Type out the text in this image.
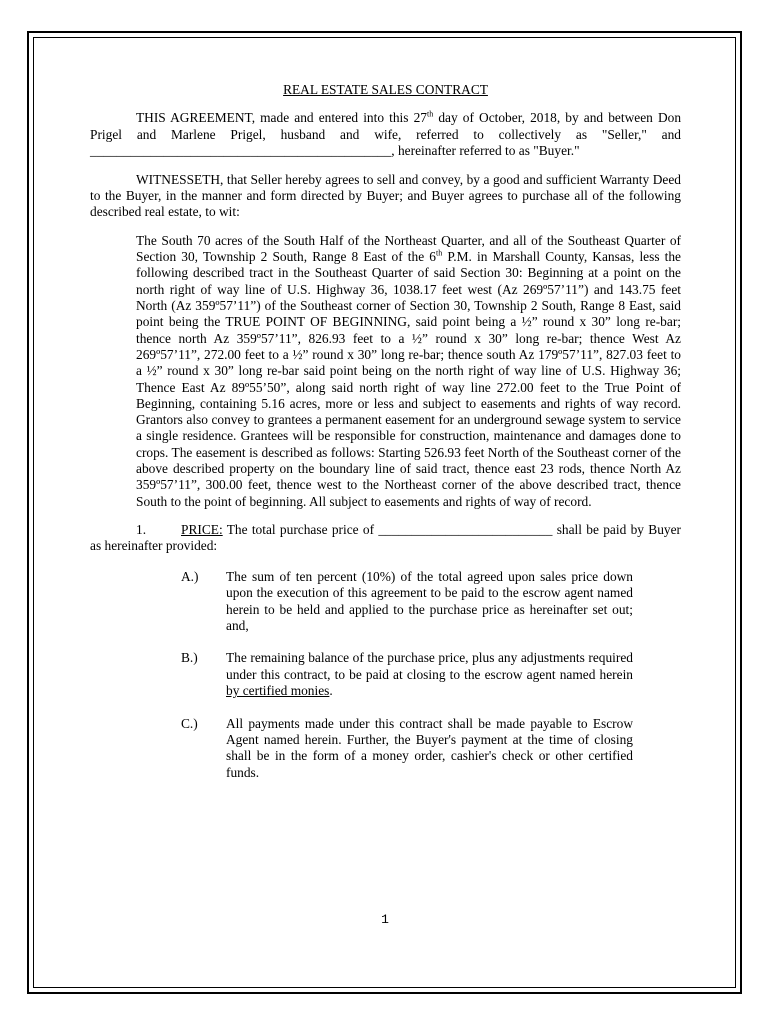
REAL ESTATE SALES CONTRACT

THIS AGREEMENT, made and entered into this 27th day of October, 2018, by and between Don Prigel and Marlene Prigel, husband and wife, referred to collectively as "Seller," and _____________________________________________, hereinafter referred to as "Buyer."

WITNESSETH, that Seller hereby agrees to sell and convey, by a good and sufficient Warranty Deed to the Buyer, in the manner and form directed by Buyer; and Buyer agrees to purchase all of the following described real estate, to wit:

The South 70 acres of the South Half of the Northeast Quarter, and all of the Southeast Quarter of Section 30, Township 2 South, Range 8 East of the 6th P.M. in Marshall County, Kansas, less the following described tract in the Southeast Quarter of said Section 30: Beginning at a point on the north right of way line of U.S. Highway 36, 1038.17 feet west (Az 269º57’11”) and 143.75 feet North (Az 359º57’11”) of the Southeast corner of Section 30, Township 2 South, Range 8 East, said point being the TRUE POINT OF BEGINNING, said point being a ½” round x 30” long re-bar; thence north Az 359º57’11”, 826.93 feet to a ½” round x 30” long re-bar; thence West Az 269º57’11”, 272.00 feet to a ½” round x 30” long re-bar; thence south Az 179º57’11”, 827.03 feet to a ½” round x 30” long re-bar said point being on the north right of way line of U.S. Highway 36; Thence East Az 89º55’50”, along said north right of way line 272.00 feet to the True Point of Beginning, containing 5.16 acres, more or less and subject to easements and rights of way record. Grantors also convey to grantees a permanent easement for an underground sewage system to service a single residence. Grantees will be responsible for construction, maintenance and damages done to crops. The easement is described as follows: Starting 526.93 feet North of the Southeast corner of the above described property on the boundary line of said tract, thence east 23 rods, thence North Az 359º57’11”, 300.00 feet, thence west to the Northeast corner of the above described tract, thence South to the point of beginning. All subject to easements and rights of way of record.

1.	PRICE: The total purchase price of __________________________ shall be paid by Buyer as hereinafter provided:

A.)	The sum of ten percent (10%) of the total agreed upon sales price down upon the execution of this agreement to be paid to the escrow agent named herein to be held and applied to the purchase price as hereinafter set out; and,
B.)	The remaining balance of the purchase price, plus any adjustments required under this contract, to be paid at closing to the escrow agent named herein by certified monies.
C.)	All payments made under this contract shall be made payable to Escrow Agent named herein. Further, the Buyer's payment at the time of closing shall be in the form of a money order, cashier's check or other certified funds.
1
